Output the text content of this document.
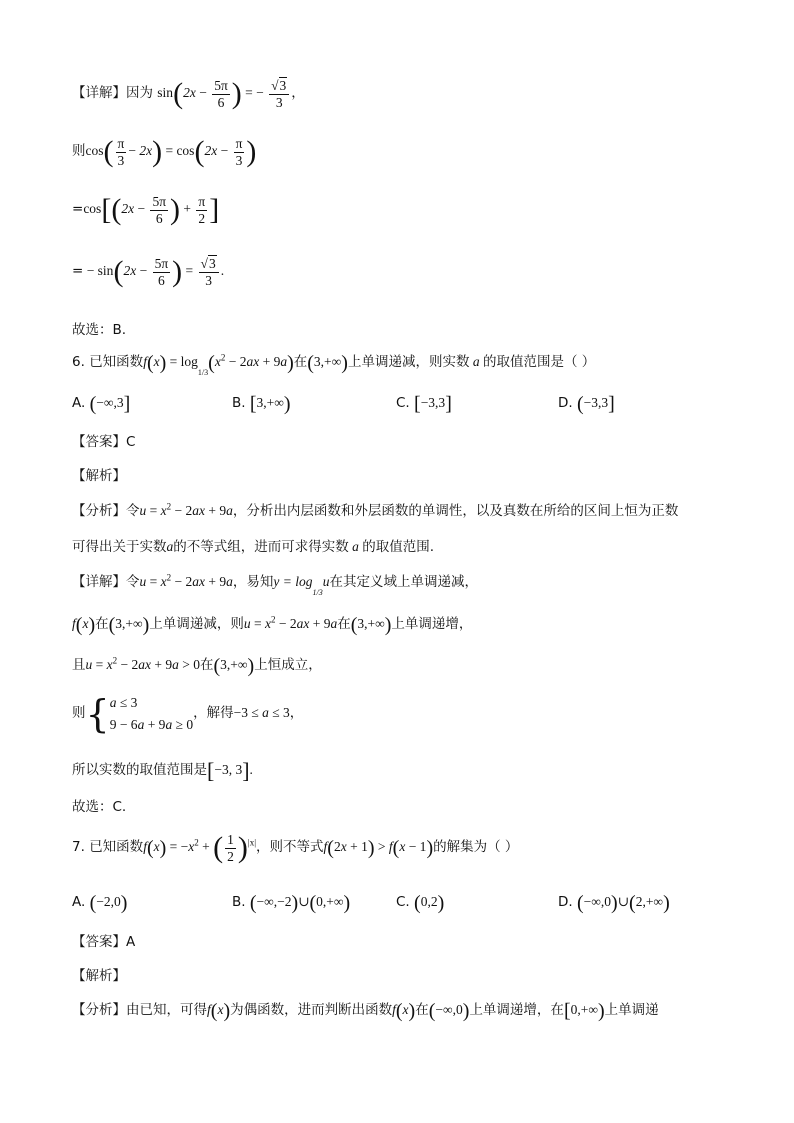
【详解】因为 $\sin(2x - \frac{5\pi}{6}$ ) = − $\frac{√3}{3}$ ，
则$\cos( \frac{\pi}{3} - 2x) = \cos(2x - \frac{\pi}{3}$ )
$=\cos[(2x - \frac{5\pi}{6}$ ) + $\frac{\pi}{2}$ ]
= − $\sin(2x - \frac{5\pi}{6}$ ) = $\frac{√3}{3}$ .
故选：B.
6. 已知函数$f(x) = \log 1/3(x^2 - 2ax + 9a)$在(3,+∞)上单调递减，则实数 a 的取值范围是（ ）
A. (−∞,3]	B. [3,+∞)	C. [−3,3]	D. (−3,3]
【答案】C
【解析】
【分析】令$u = x^2 - 2ax + 9a$，分析出内层函数和外层函数的单调性，以及真数在所给的区间上恒为正数
可得出关于实数a的不等式组，进而可求得实数 a 的取值范围.
【详解】令$u = x^2 - 2ax + 9a$，易知y = log1/3u在其定义域上单调递减，
f(x)在(3,+∞)上单调递减，则$u = x^2 - 2ax + 9a$在(3,+∞)上单调递增，
且$u = x^2 - 2ax + 9a > 0$在(3,+∞)上恒成立，
则{ a ≤ 3
9 − 6a + 9a ≥ 0
，解得−3 ≤ a ≤ 3，
所以实数的取值范围是[−3, 3].
故选：C.
7. 已知函数$f(x) = -x^2$ + ( $\frac{1}{2} )^{|x|}$，则不等式f(2x + 1) > f(x − 1)的解集为（ ）
A. (−2,0)	B. (−∞,−2)∪(0,+∞)	C. (0,2)	D. (−∞,0)∪(2,+∞)
【答案】A
【解析】
【分析】由已知，可得f(x)为偶函数，进而判断出函数f(x)在(−∞,0)上单调递增，在[0,+∞)上单调递
